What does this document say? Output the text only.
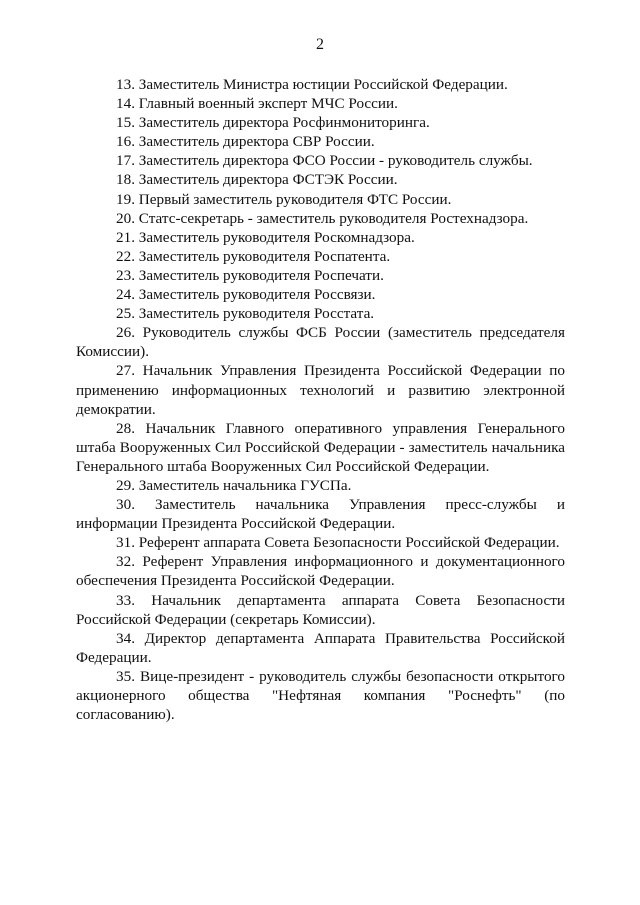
2

13. Заместитель Министра юстиции Российской Федерации.

14. Главный военный эксперт МЧС России.

15. Заместитель директора Росфинмониторинга.

16. Заместитель директора СВР России.

17. Заместитель директора ФСО России - руководитель службы.

18. Заместитель директора ФСТЭК России.

19. Первый заместитель руководителя ФТС России.

20. Статс-секретарь - заместитель руководителя Ростехнадзора.

21. Заместитель руководителя Роскомнадзора.

22. Заместитель руководителя Роспатента.

23. Заместитель руководителя Роспечати.

24. Заместитель руководителя Россвязи.

25. Заместитель руководителя Росстата.

26. Руководитель службы ФСБ России (заместитель председателя Комиссии).

27. Начальник Управления Президента Российской Федерации по применению информационных технологий и развитию электронной демократии.

28. Начальник Главного оперативного управления Генерального штаба Вооруженных Сил Российской Федерации - заместитель начальника Генерального штаба Вооруженных Сил Российской Федерации.

29. Заместитель начальника ГУСПа.

30. Заместитель начальника Управления пресс-службы и информации Президента Российской Федерации.

31. Референт аппарата Совета Безопасности Российской Федерации.

32. Референт Управления информационного и документационного обеспечения Президента Российской Федерации.

33. Начальник департамента аппарата Совета Безопасности Российской Федерации (секретарь Комиссии).

34. Директор департамента Аппарата Правительства Российской Федерации.

35. Вице-президент - руководитель службы безопасности открытого акционерного общества "Нефтяная компания "Роснефть" (по согласованию).
